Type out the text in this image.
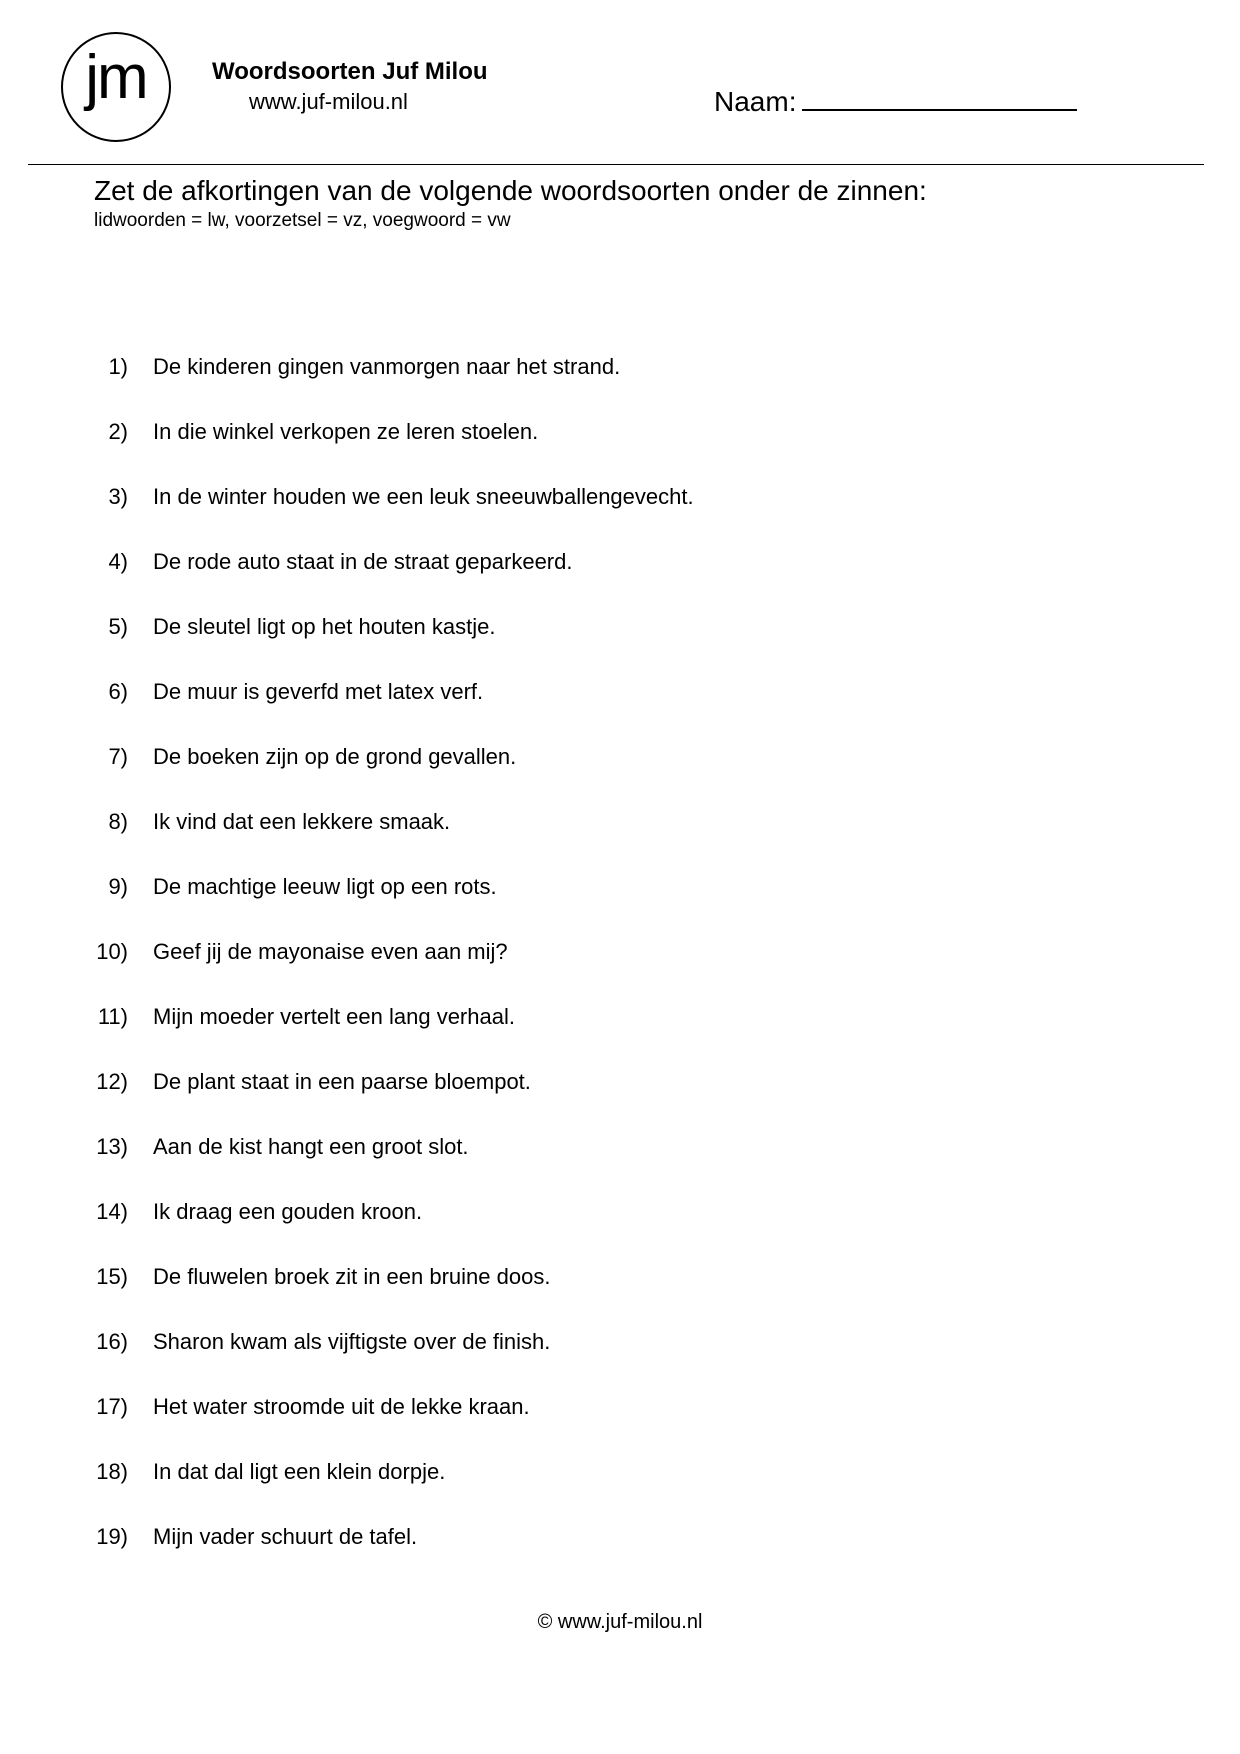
jm	Woordsoorten Juf Milou
www.juf-milou.nl	Naam:
Zet de afkortingen van de volgende woordsoorten onder de zinnen:
lidwoorden = lw, voorzetsel = vz, voegwoord = vw
1) De kinderen gingen vanmorgen naar het strand.
2) In die winkel verkopen ze leren stoelen.
3) In de winter houden we een leuk sneeuwballengevecht.
4) De rode auto staat in de straat geparkeerd.
5) De sleutel ligt op het houten kastje.
6) De muur is geverfd met latex verf.
7) De boeken zijn op de grond gevallen.
8) Ik vind dat een lekkere smaak.
9) De machtige leeuw ligt op een rots.
10) Geef jij de mayonaise even aan mij?
11) Mijn moeder vertelt een lang verhaal.
12) De plant staat in een paarse bloempot.
13) Aan de kist hangt een groot slot.
14) Ik draag een gouden kroon.
15) De fluwelen broek zit in een bruine doos.
16) Sharon kwam als vijftigste over de finish.
17) Het water stroomde uit de lekke kraan.
18) In dat dal ligt een klein dorpje.
19) Mijn vader schuurt de tafel.
© www.juf-milou.nl
